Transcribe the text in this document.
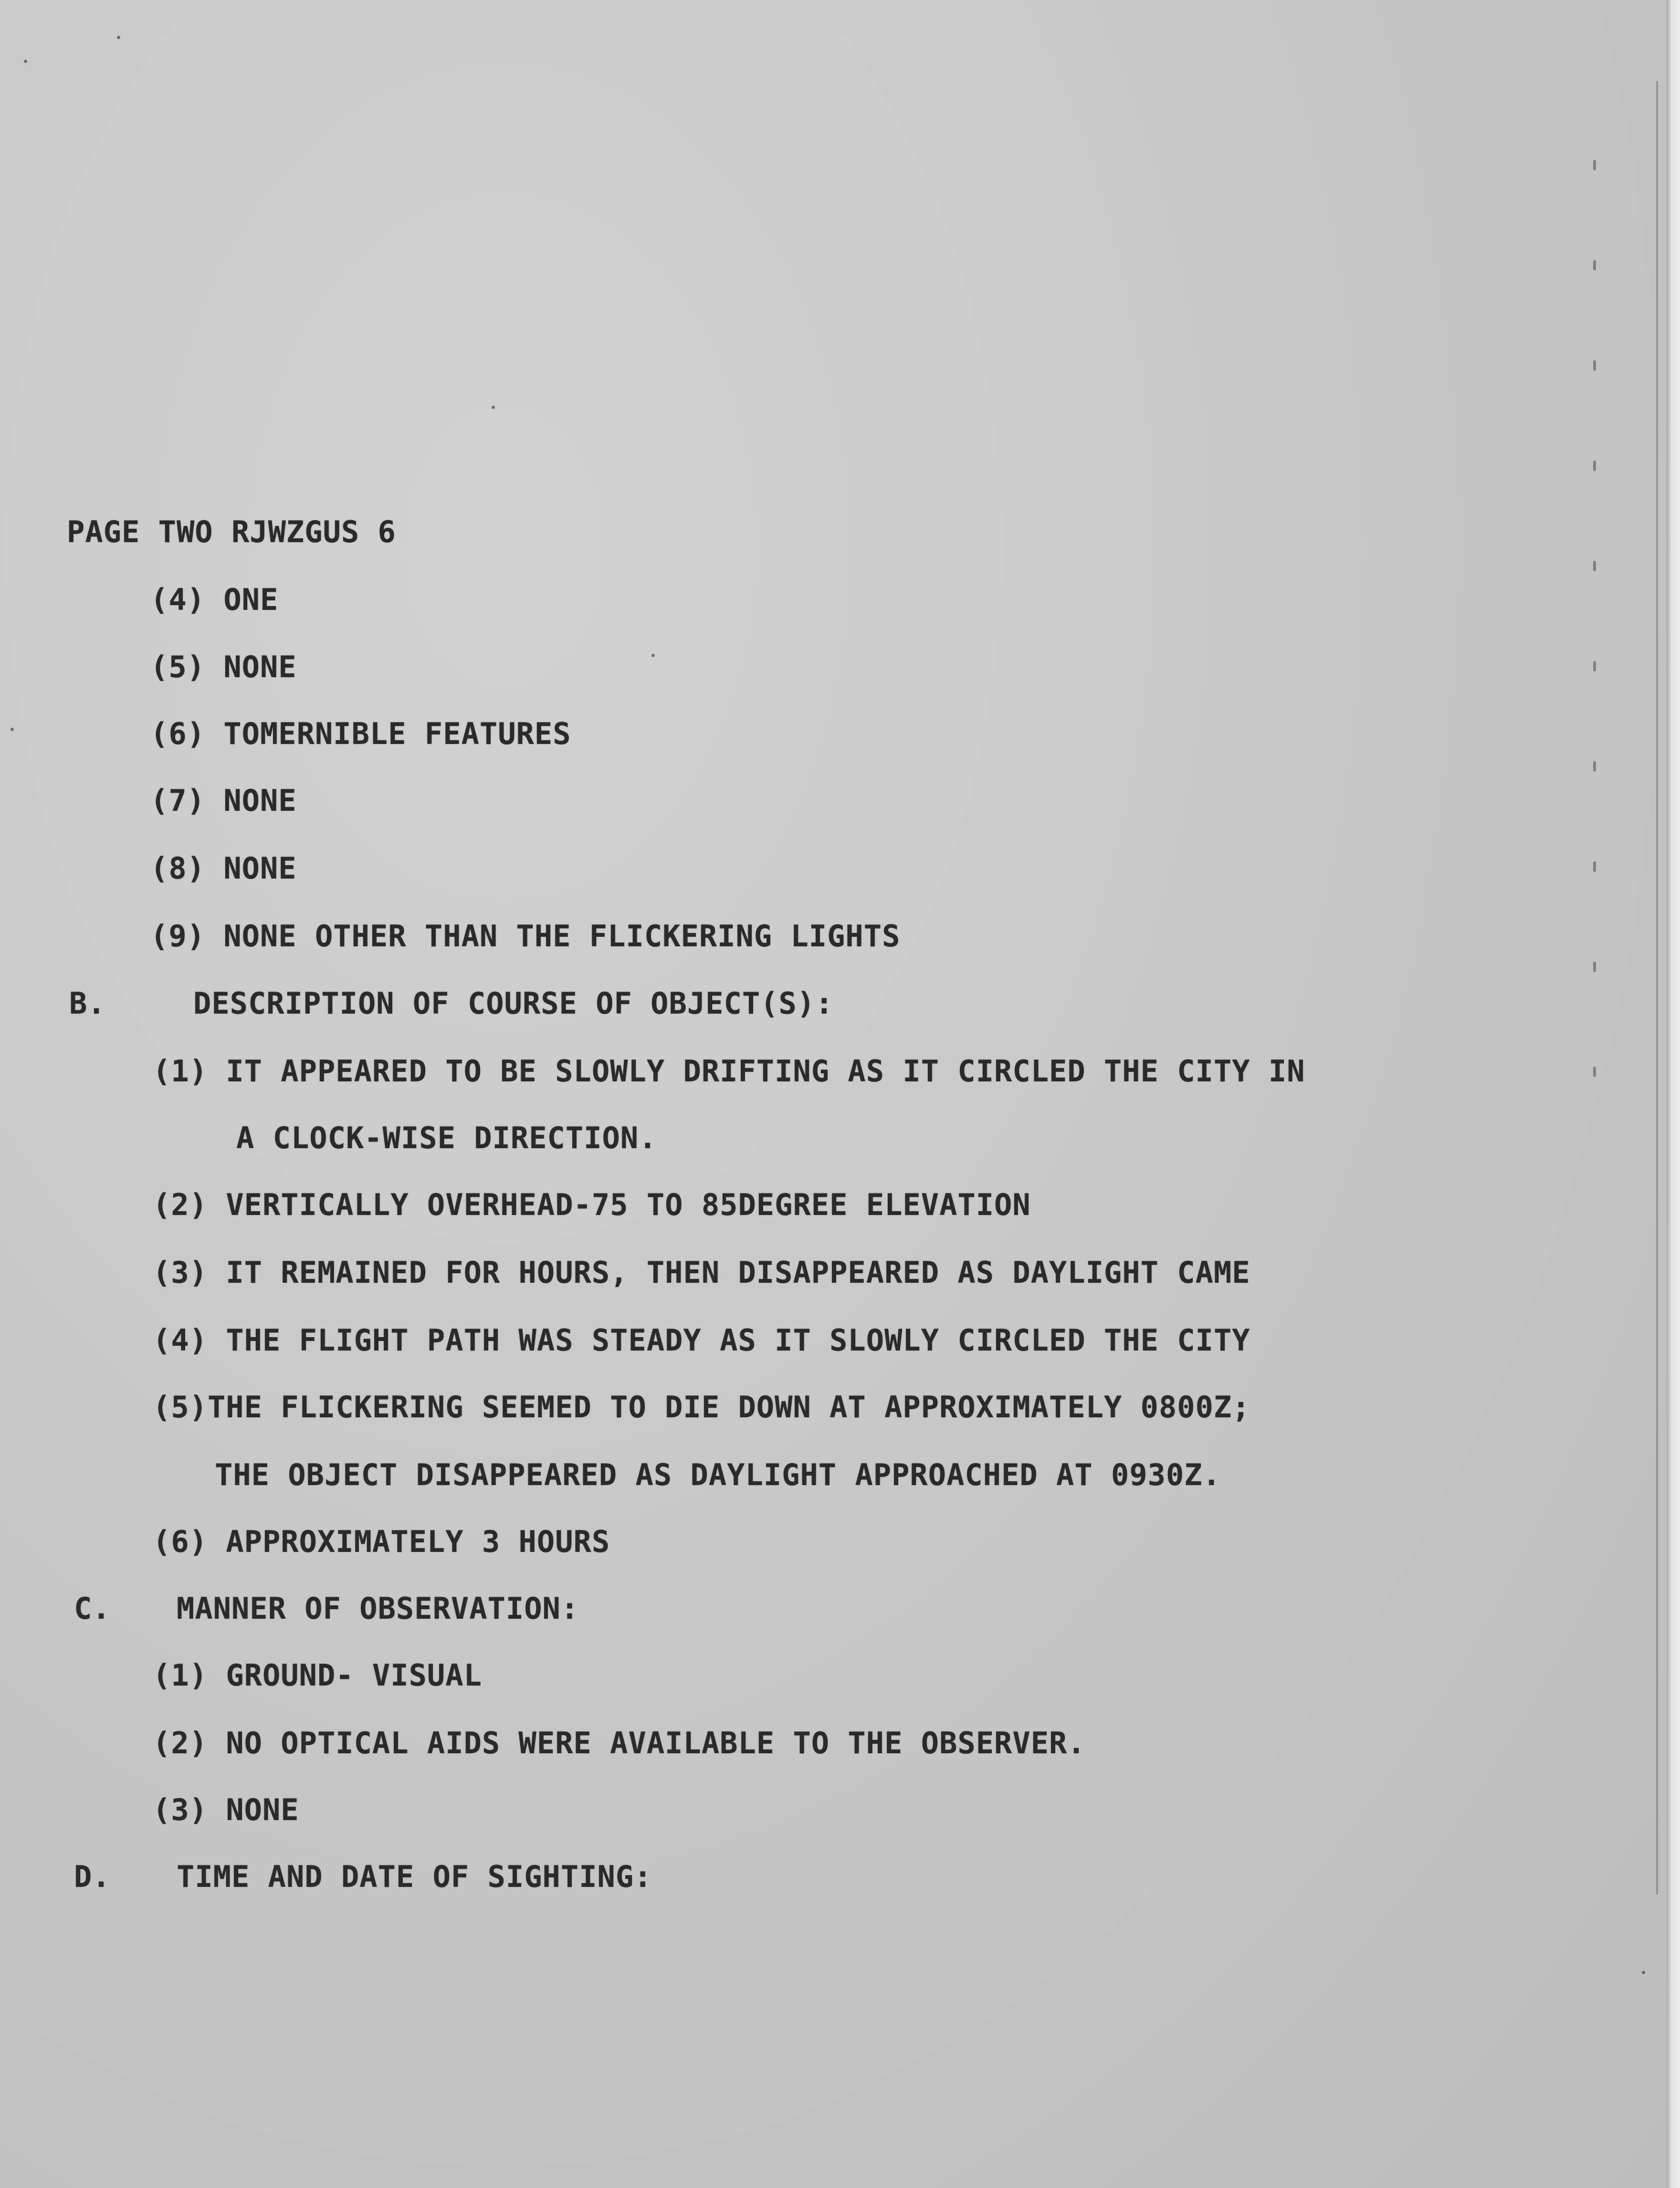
PAGE TWO RJWZGUS 6
(4) ONE
(5) NONE
(6) TOMERNIBLE FEATURES
(7) NONE
(8) NONE
(9) NONE OTHER THAN THE FLICKERING LIGHTS
B.	DESCRIPTION OF COURSE OF OBJECT(S):
(1) IT APPEARED TO BE SLOWLY DRIFTING AS IT CIRCLED THE CITY IN
A CLOCK-WISE DIRECTION.
(2) VERTICALLY OVERHEAD-75 TO 85DEGREE ELEVATION
(3) IT REMAINED FOR HOURS, THEN DISAPPEARED AS DAYLIGHT CAME
(4) THE FLIGHT PATH WAS STEADY AS IT SLOWLY CIRCLED THE CITY
(5)THE FLICKERING SEEMED TO DIE DOWN AT APPROXIMATELY 0800Z;
THE OBJECT DISAPPEARED AS DAYLIGHT APPROACHED AT 0930Z.
(6) APPROXIMATELY 3 HOURS
C. MANNER OF OBSERVATION:
(1) GROUND- VISUAL
(2) NO OPTICAL AIDS WERE AVAILABLE TO THE OBSERVER.
(3) NONE
D. TIME AND DATE OF SIGHTING:
